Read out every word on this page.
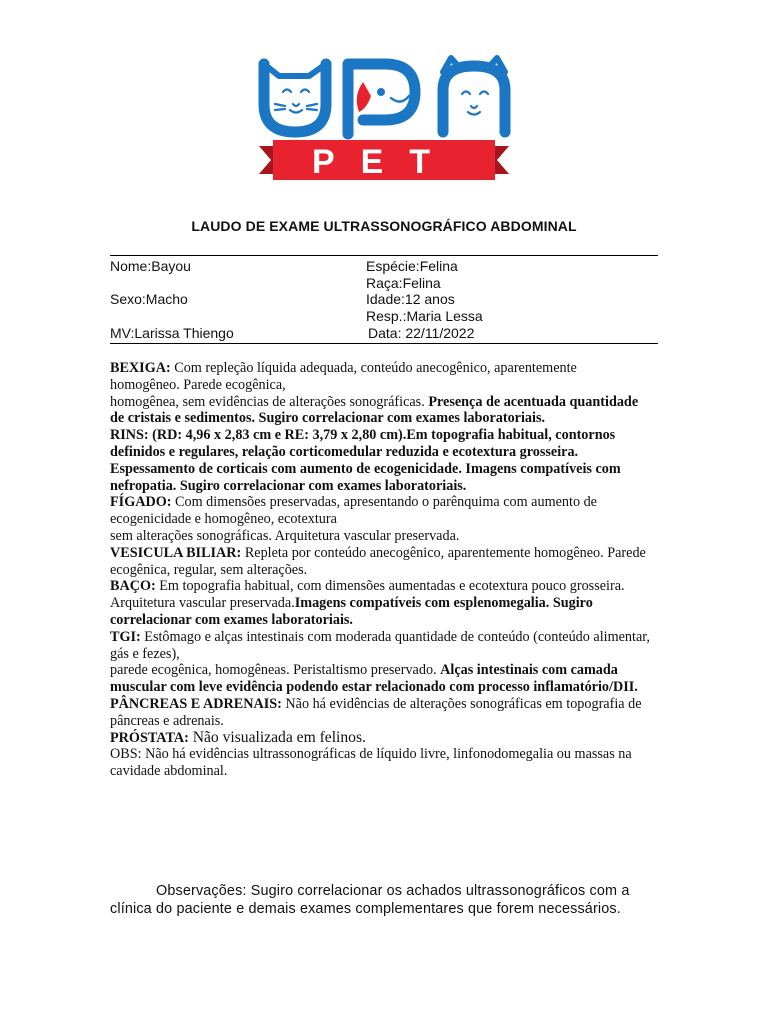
PET
LAUDO DE EXAME ULTRASSONOGRÁFICO ABDOMINAL
Nome:Bayou	Espécie:Felina
Raça:Felina
Sexo:Macho	Idade:12 anos
Resp.:Maria Lessa
MV:Larissa Thiengo	Data: 22/11/2022

BEXIGA: Com repleção líquida adequada, conteúdo anecogênico, aparentemente homogêneo. Parede ecogênica,

homogênea, sem evidências de alterações sonográficas. Presença de acentuada quantidade de cristais e sedimentos. Sugiro correlacionar com exames laboratoriais.

RINS: (RD: 4,96 x 2,83 cm e RE: 3,79 x 2,80 cm).Em topografia habitual, contornos definidos e regulares, relação corticomedular reduzida e ecotextura grosseira. Espessamento de corticais com aumento de ecogenicidade. Imagens compatíveis com nefropatia. Sugiro correlacionar com exames laboratoriais.

FÍGADO: Com dimensões preservadas, apresentando o parênquima com aumento de ecogenicidade e homogêneo, ecotextura

sem alterações sonográficas. Arquitetura vascular preservada.

VESICULA BILIAR: Repleta por conteúdo anecogênico, aparentemente homogêneo. Parede ecogênica, regular, sem alterações.

BAÇO: Em topografia habitual, com dimensões aumentadas e ecotextura pouco grosseira.

Arquitetura vascular preservada.Imagens compatíveis com esplenomegalia. Sugiro correlacionar com exames laboratoriais.

TGI: Estômago e alças intestinais com moderada quantidade de conteúdo (conteúdo alimentar, gás e fezes),

parede ecogênica, homogêneas. Peristaltismo preservado. Alças intestinais com camada muscular com leve evidência podendo estar relacionado com processo inflamatório/DII.

PÂNCREAS E ADRENAIS: Não há evidências de alterações sonográficas em topografia de pâncreas e adrenais.

PRÓSTATA: Não visualizada em felinos.

OBS: Não há evidências ultrassonográficas de líquido livre, linfonodomegalia ou massas na cavidade abdominal.

Observações: Sugiro correlacionar os achados ultrassonográficos com a clínica do paciente e demais exames complementares que forem necessários.
